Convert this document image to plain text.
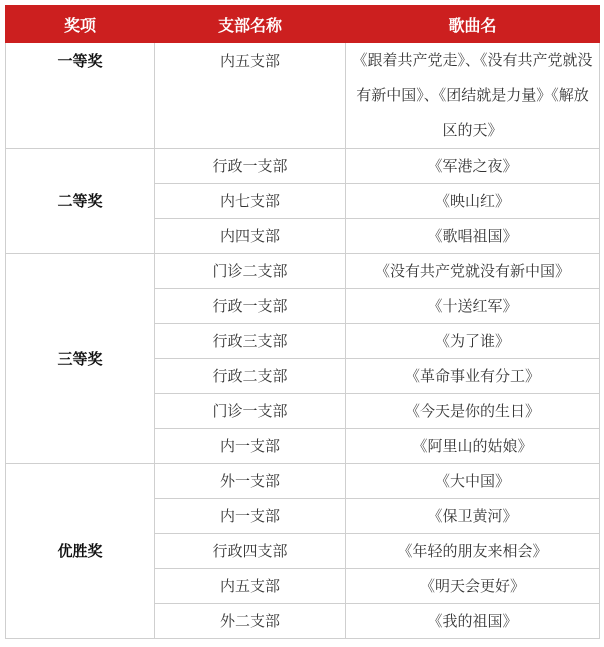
奖项	支部名称	歌曲名
一等奖	内五支部	《跟着共产党走》、《没有共产党就没有新中国》、《团结就是力量》《解放区的天》
二等奖	行政一支部	《军港之夜》
	内七支部	《映山红》
	内四支部	《歌唱祖国》
三等奖	门诊二支部	《没有共产党就没有新中国》
	行政一支部	《十送红军》
	行政三支部	《为了谁》
	行政二支部	《革命事业有分工》
	门诊一支部	《今天是你的生日》
	内一支部	《阿里山的姑娘》
优胜奖	外一支部	《大中国》
	内一支部	《保卫黄河》
	行政四支部	《年轻的朋友来相会》
	内五支部	《明天会更好》
	外二支部	《我的祖国》
